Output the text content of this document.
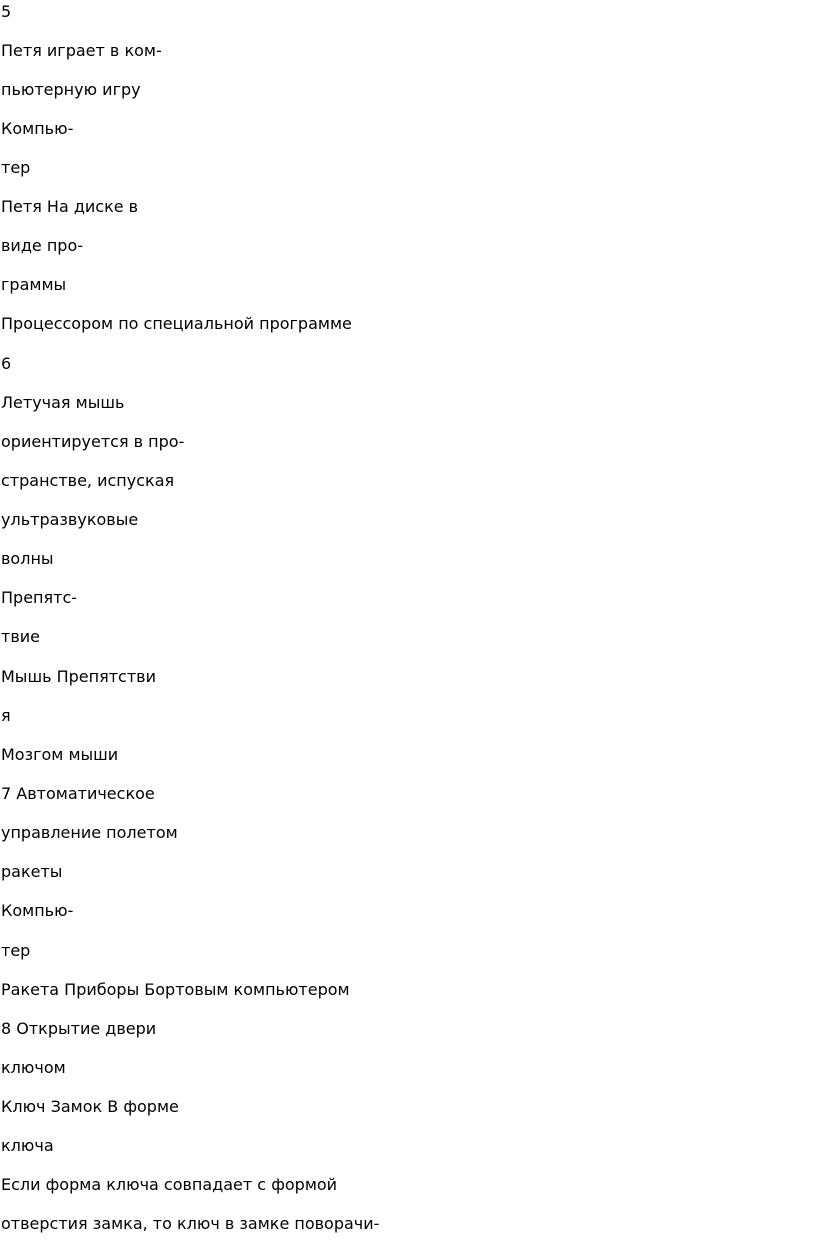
5

Петя играет в ком-

пьютерную игру

Компью-

тер

Петя На диске в

виде про-

граммы

Процессором по специальной программе

6

Летучая мышь

ориентируется в про-

странстве, испуская

ультразвуковые

волны

Препятс-

твие

Мышь Препятстви

я

Мозгом мыши

7 Автоматическое

управление полетом

ракеты

Компью-

тер

Ракета Приборы Бортовым компьютером

8 Открытие двери

ключом

Ключ Замок В форме

ключа

Если форма ключа совпадает с формой

отверстия замка, то ключ в замке поворачи-
